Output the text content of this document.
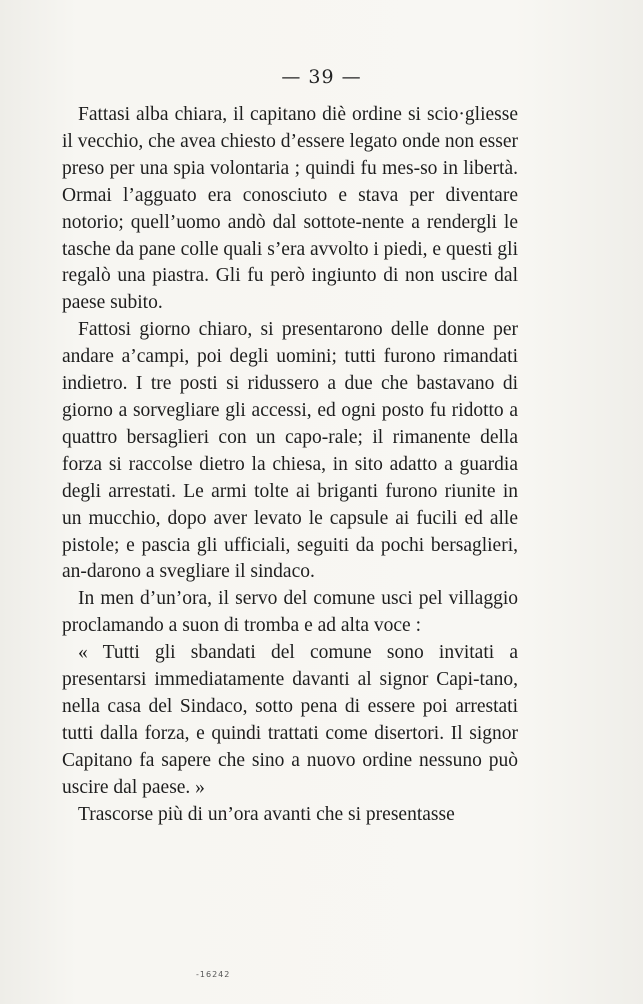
— 39 —

Fattasi alba chiara, il capitano diè ordine si scio·gliesse il vecchio, che avea chiesto d’essere legato onde non esser preso per una spia volontaria ; quindi fu mes-so in libertà. Ormai l’agguato era conosciuto e stava per diventare notorio; quell’uomo andò dal sottote-nente a rendergli le tasche da pane colle quali s’era avvolto i piedi, e questi gli regalò una piastra. Gli fu però ingiunto di non uscire dal paese subito.

Fattosi giorno chiaro, si presentarono delle donne per andare a’campi, poi degli uomini; tutti furono rimandati indietro. I tre posti si ridussero a due che bastavano di giorno a sorvegliare gli accessi, ed ogni posto fu ridotto a quattro bersaglieri con un capo-rale; il rimanente della forza si raccolse dietro la chiesa, in sito adatto a guardia degli arrestati. Le armi tolte ai briganti furono riunite in un mucchio, dopo aver levato le capsule ai fucili ed alle pistole; e pascia gli ufficiali, seguiti da pochi bersaglieri, an-darono a svegliare il sindaco.

In men d’un’ora, il servo del comune usci pel villaggio proclamando a suon di tromba e ad alta voce :

« Tutti gli sbandati del comune sono invitati a presentarsi immediatamente davanti al signor Capi-tano, nella casa del Sindaco, sotto pena di essere poi arrestati tutti dalla forza, e quindi trattati come disertori. Il signor Capitano fa sapere che sino a nuovo ordine nessuno può uscire dal paese. »

Trascorse più di un’ora avanti che si presentasse

-16242
